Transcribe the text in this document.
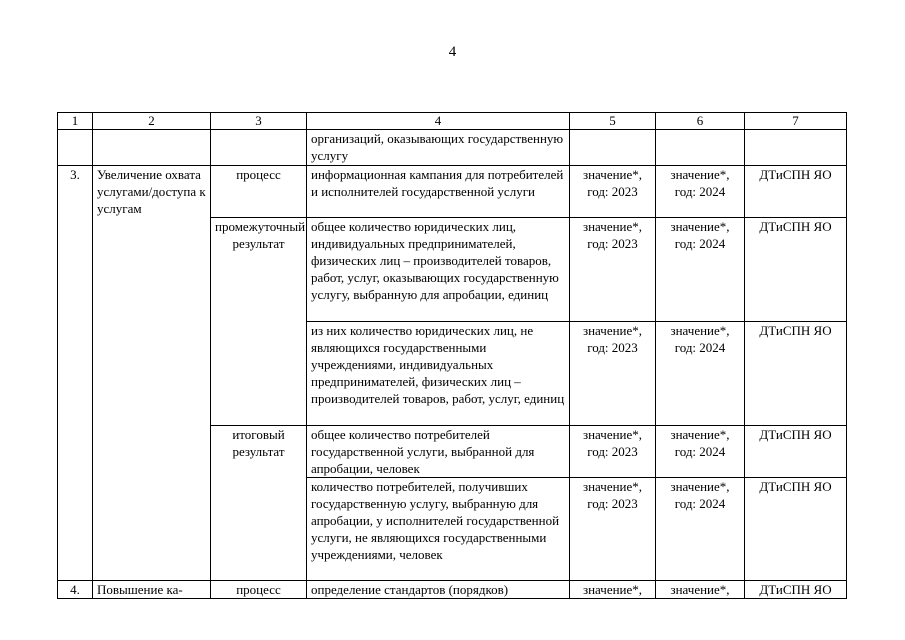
4
1	2	3	4	5	6	7
			организаций, оказывающих государственную услугу			
3.	Увеличение охвата услугами/доступа к услугам	процесс	информационная кампания для потребителей и исполнителей государственной услуги	значение*, год: 2023	значение*, год: 2024	ДТиСПН ЯО
		промежуточный результат	общее количество юридических лиц, индивидуальных предпринимателей, физических лиц – производителей товаров, работ, услуг, оказывающих государственную услугу, выбранную для апробации, единиц	значение*, год: 2023	значение*, год: 2024	ДТиСПН ЯО
			из них количество юридических лиц, не являющихся государственными учреждениями, индивидуальных предпринимателей, физических лиц – производителей товаров, работ, услуг, единиц	значение*, год: 2023	значение*, год: 2024	ДТиСПН ЯО
		итоговый результат	общее количество потребителей государственной услуги, выбранной для апробации, человек	значение*, год: 2023	значение*, год: 2024	ДТиСПН ЯО
			количество потребителей, получивших государственную услугу, выбранную для апробации, у исполнителей государственной услуги, не являющихся государственными учреждениями, человек	значение*, год: 2023	значение*, год: 2024	ДТиСПН ЯО
4.	Повышение ка-	процесс	определение стандартов (порядков)	значение*,	значение*,	ДТиСПН ЯО
